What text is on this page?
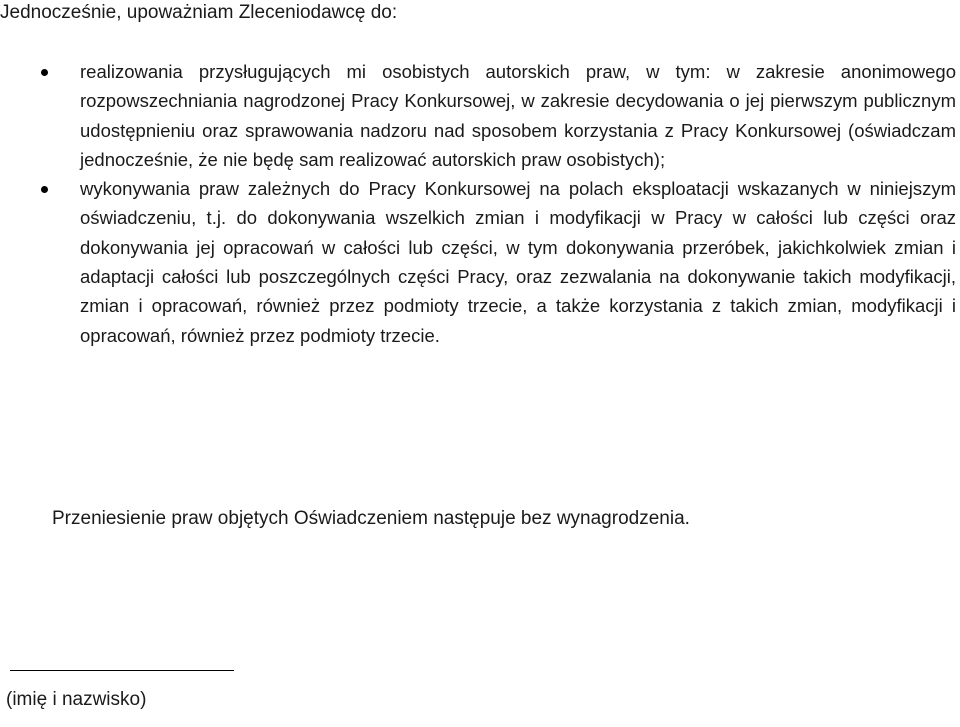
Jednocześnie, upoważniam Zleceniodawcę do:

realizowania przysługujących mi osobistych autorskich praw, w tym: w zakresie anonimowego rozpowszechniania nagrodzonej Pracy Konkursowej, w zakresie decydowania o jej pierwszym publicznym udostępnieniu oraz sprawowania nadzoru nad sposobem korzystania z Pracy Konkursowej (oświadczam jednocześnie, że nie będę sam realizować autorskich praw osobistych);
wykonywania praw zależnych do Pracy Konkursowej na polach eksploatacji wskazanych w niniejszym oświadczeniu, t.j. do dokonywania wszelkich zmian i modyfikacji w Pracy w całości lub części oraz dokonywania jej opracowań w całości lub części, w tym dokonywania przeróbek, jakichkolwiek zmian i adaptacji całości lub poszczególnych części Pracy, oraz zezwalania na dokonywanie takich modyfikacji, zmian i opracowań, również przez podmioty trzecie, a także korzystania z takich zmian, modyfikacji i opracowań, również przez podmioty trzecie.

Przeniesienie praw objętych Oświadczeniem następuje bez wynagrodzenia.

(imię i nazwisko)
